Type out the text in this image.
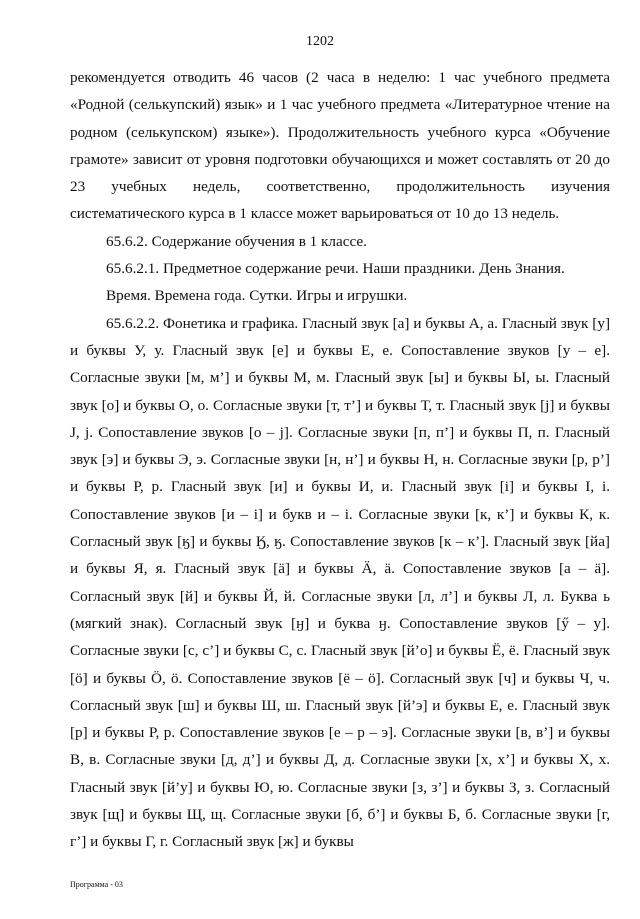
1202

рекомендуется отводить 46 часов (2 часа в неделю: 1 час учебного предмета «Родной (селькупский) язык» и 1 час учебного предмета «Литературное чтение на родном (селькупском) языке»). Продолжительность учебного курса «Обучение грамоте» зависит от уровня подготовки обучающихся и может составлять от 20 до 23 учебных недель, соответственно, продолжительность изучения систематического курса в 1 классе может варьироваться от 10 до 13 недель.

65.6.2. Содержание обучения в 1 классе.

65.6.2.1. Предметное содержание речи. Наши праздники. День Знания.

Время. Времена года. Сутки. Игры и игрушки.

65.6.2.2. Фонетика и графика. Гласный звук [а] и буквы А, а. Гласный звук [у] и буквы У, у. Гласный звук [е] и буквы Е, е. Сопоставление звуков [у – е]. Согласные звуки [м, м’] и буквы М, м. Гласный звук [ы] и буквы Ы, ы. Гласный звук [о] и буквы О, о. Согласные звуки [т, т’] и буквы Т, т. Гласный звук [j] и буквы J, j. Сопоставление звуков [о – j]. Согласные звуки [п, п’] и буквы П, п. Гласный звук [э] и буквы Э, э. Согласные звуки [н, н’] и буквы Н, н. Согласные звуки [р, р’] и буквы Р, р. Гласный звук [и] и буквы И, и. Гласный звук [і] и буквы І, і. Сопоставление звуков [и – і] и букв и – і. Согласные звуки [к, к’] и буквы К, к. Согласный звук [ӄ] и буквы Ӄ, ӄ. Сопоставление звуков [к – к’]. Гласный звук [йа] и буквы Я, я. Гласный звук [ä] и буквы Ä, ä. Сопоставление звуков [а – ä]. Согласный звук [й] и буквы Й, й. Согласные звуки [л, л’] и буквы Л, л. Буква ь (мягкий знак). Согласный звук [ӈ] и буква ӈ. Сопоставление звуков [ӳ – у]. Согласные звуки [с, с’] и буквы С, с. Гласный звук [й’о] и буквы Ё, ё. Гласный звук [ӧ] и буквы Ӧ, ӧ. Сопоставление звуков [ё – ӧ]. Согласный звук [ч] и буквы Ч, ч. Согласный звук [ш] и буквы Ш, ш. Гласный звук [й’э] и буквы Е, е. Гласный звук [р] и буквы Р, р. Сопоставление звуков [е – р – э]. Согласные звуки [в, в’] и буквы В, в. Согласные звуки [д, д’] и буквы Д, д. Согласные звуки [х, х’] и буквы Х, х. Гласный звук [й’у] и буквы Ю, ю. Согласные звуки [з, з’] и буквы З, з. Согласный звук [щ] и буквы Щ, щ. Согласные звуки [б, б’] и буквы Б, б. Согласные звуки [г, г’] и буквы Г, г. Согласный звук [ж] и буквы

Программа - 03
